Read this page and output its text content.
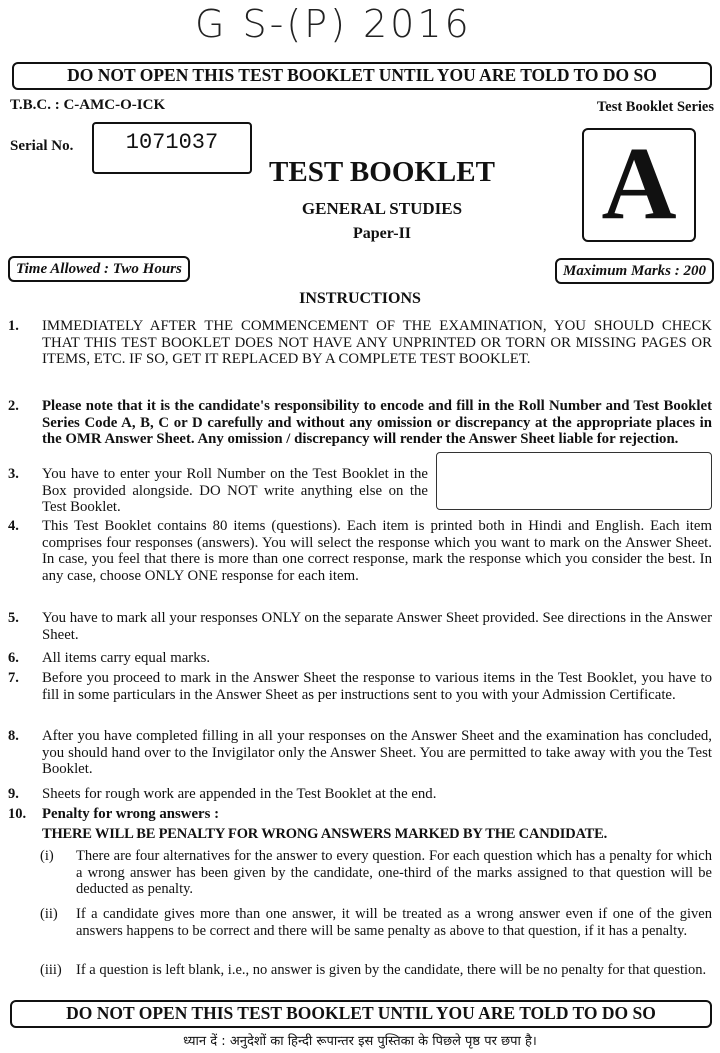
G S-(P) 2016
DO NOT OPEN THIS TEST BOOKLET UNTIL YOU ARE TOLD TO DO SO
T.B.C. : C-AMC-O-ICK	Test Booklet Series
Serial No.	1071037
TEST BOOKLET
GENERAL STUDIES
Paper-II	A
Time Allowed : Two Hours	Maximum Marks : 200
INSTRUCTIONS
1. IMMEDIATELY AFTER THE COMMENCEMENT OF THE EXAMINATION, YOU SHOULD CHECK THAT THIS TEST BOOKLET DOES NOT HAVE ANY UNPRINTED OR TORN OR MISSING PAGES OR ITEMS, ETC. IF SO, GET IT REPLACED BY A COMPLETE TEST BOOKLET.
2. Please note that it is the candidate's responsibility to encode and fill in the Roll Number and Test Booklet Series Code A, B, C or D carefully and without any omission or discrepancy at the appropriate places in the OMR Answer Sheet. Any omission / discrepancy will render the Answer Sheet liable for rejection.
3. You have to enter your Roll Number on the Test Booklet in the Box provided alongside. DO NOT write anything else on the Test Booklet.
4. This Test Booklet contains 80 items (questions). Each item is printed both in Hindi and English. Each item comprises four responses (answers). You will select the response which you want to mark on the Answer Sheet. In case, you feel that there is more than one correct response, mark the response which you consider the best. In any case, choose ONLY ONE response for each item.
5. You have to mark all your responses ONLY on the separate Answer Sheet provided. See directions in the Answer Sheet.
6. All items carry equal marks.
7. Before you proceed to mark in the Answer Sheet the response to various items in the Test Booklet, you have to fill in some particulars in the Answer Sheet as per instructions sent to you with your Admission Certificate.
8. After you have completed filling in all your responses on the Answer Sheet and the examination has concluded, you should hand over to the Invigilator only the Answer Sheet. You are permitted to take away with you the Test Booklet.
9. Sheets for rough work are appended in the Test Booklet at the end.
10. Penalty for wrong answers :
THERE WILL BE PENALTY FOR WRONG ANSWERS MARKED BY THE CANDIDATE.
(i) There are four alternatives for the answer to every question. For each question which has a penalty for which a wrong answer has been given by the candidate, one-third of the marks assigned to that question will be deducted as penalty.
(ii) If a candidate gives more than one answer, it will be treated as a wrong answer even if one of the given answers happens to be correct and there will be same penalty as above to that question, if it has a penalty.
(iii) If a question is left blank, i.e., no answer is given by the candidate, there will be no penalty for that question.
DO NOT OPEN THIS TEST BOOKLET UNTIL YOU ARE TOLD TO DO SO
ध्यान दें : अनुदेशों का हिन्दी रूपान्तर इस पुस्तिका के पिछले पृष्ठ पर छपा है।
